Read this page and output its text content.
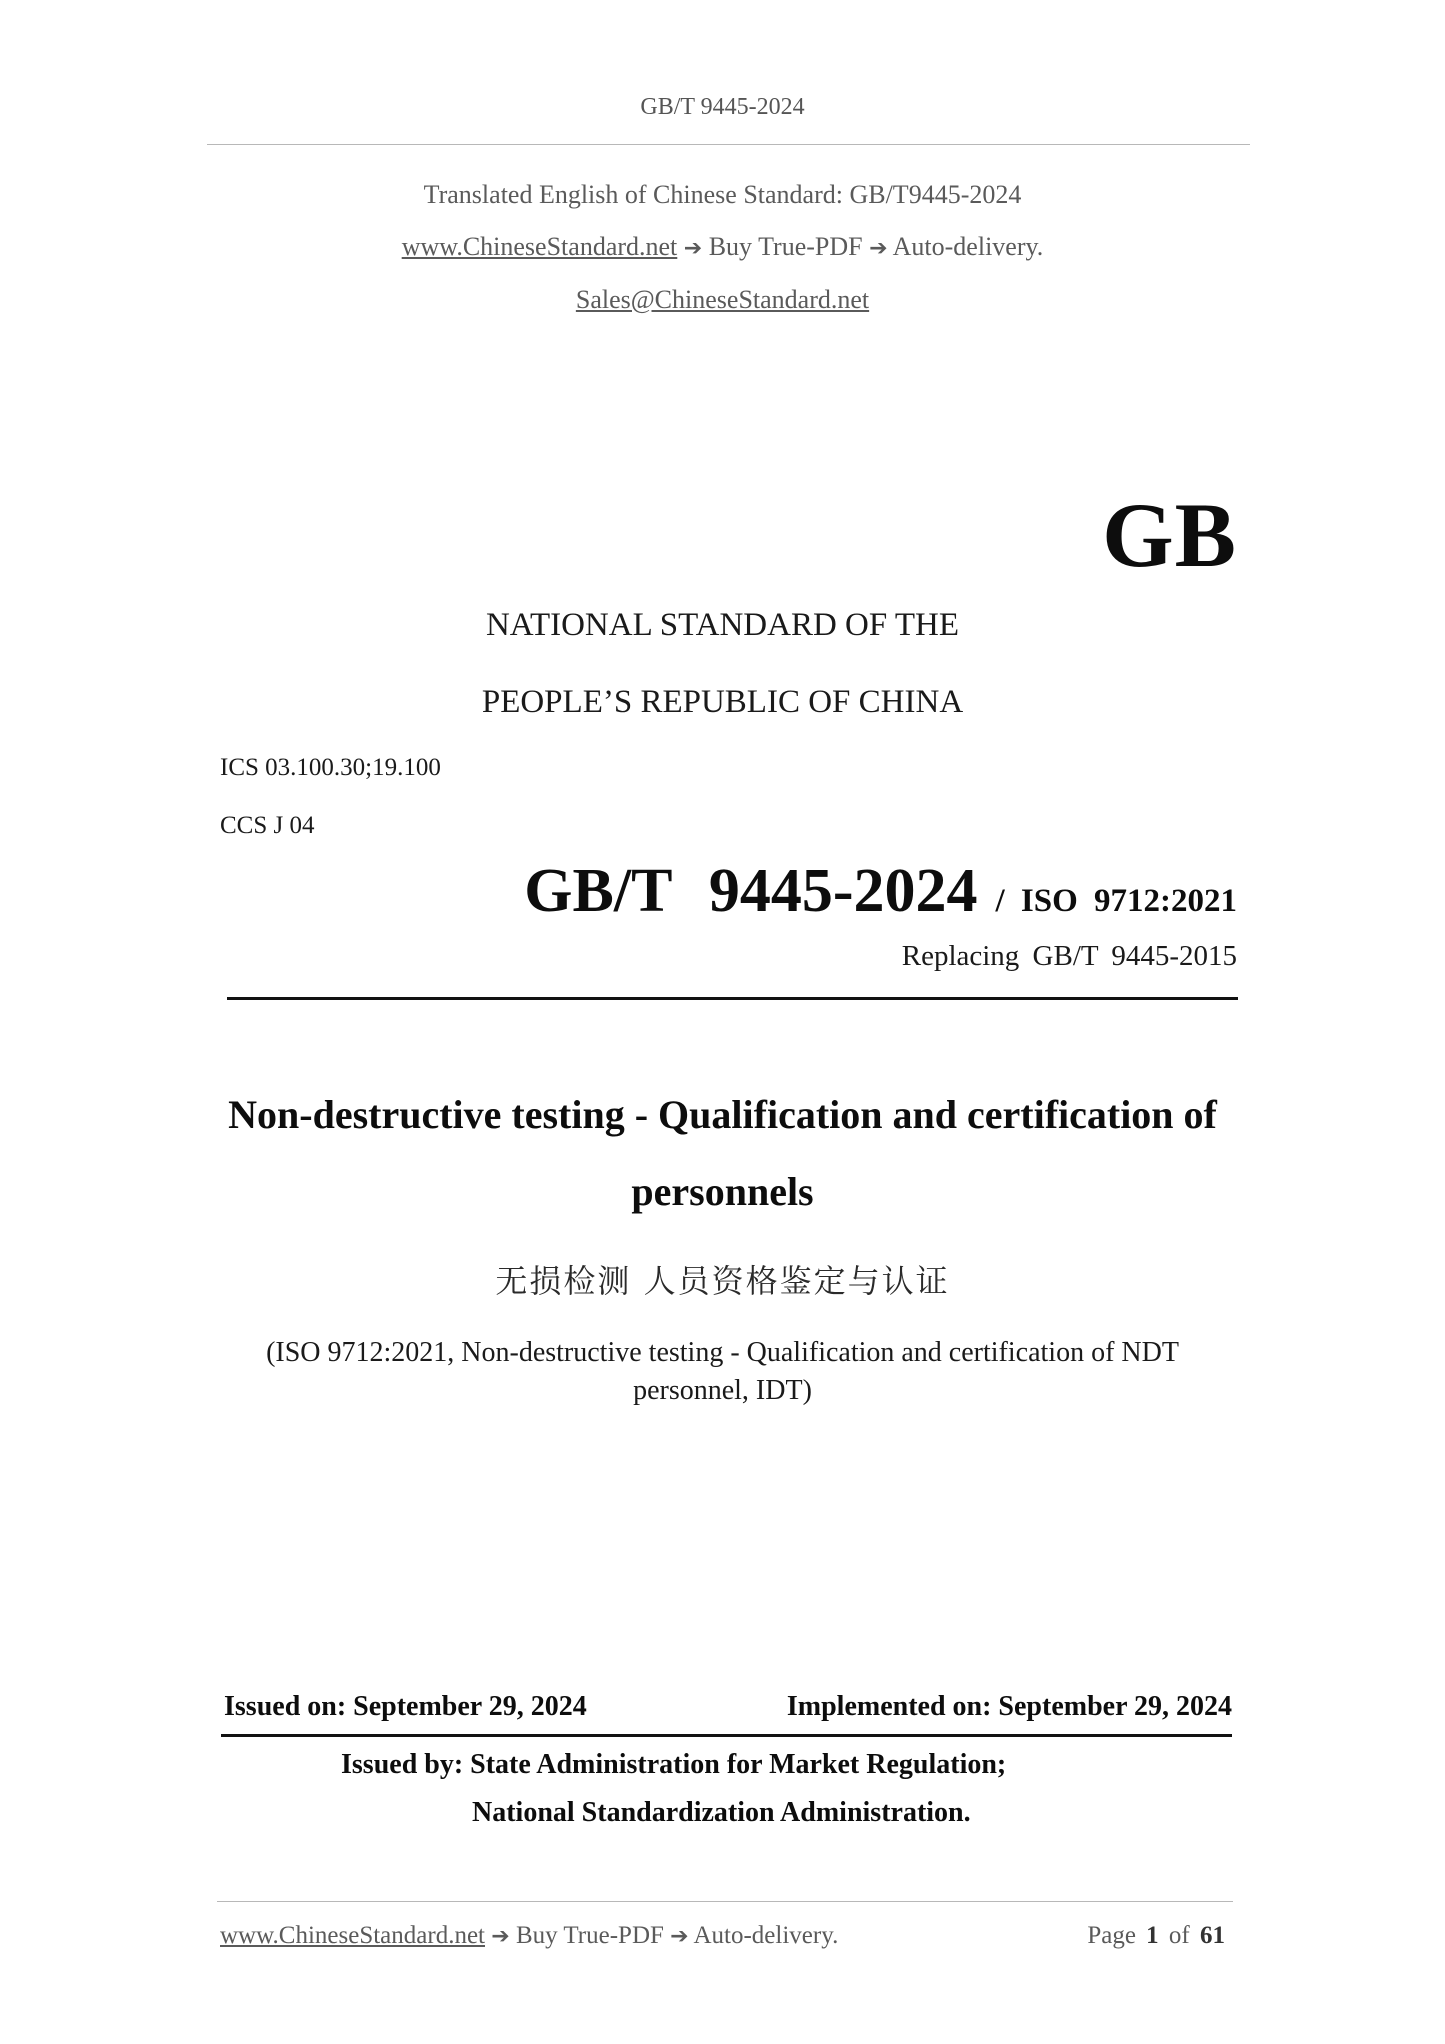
GB/T 9445-2024
Translated English of Chinese Standard: GB/T9445-2024
www.ChineseStandard.net ➔ Buy True-PDF ➔ Auto-delivery.
Sales@ChineseStandard.net
GB
NATIONAL STANDARD OF THE
PEOPLE’S REPUBLIC OF CHINA
ICS 03.100.30;19.100
CCS J 04
GB/T 9445-2024 / ISO 9712:2021
Replacing GB/T 9445-2015
Non-destructive testing - Qualification and certification of
personnels
无损检测 人员资格鉴定与认证
(ISO 9712:2021, Non-destructive testing - Qualification and certification of NDT
personnel, IDT)
Issued on: September 29, 2024	Implemented on: September 29, 2024
Issued by: State Administration for Market Regulation;
National Standardization Administration.
www.ChineseStandard.net ➔ Buy True-PDF ➔ Auto-delivery.	Page 1 of 61
